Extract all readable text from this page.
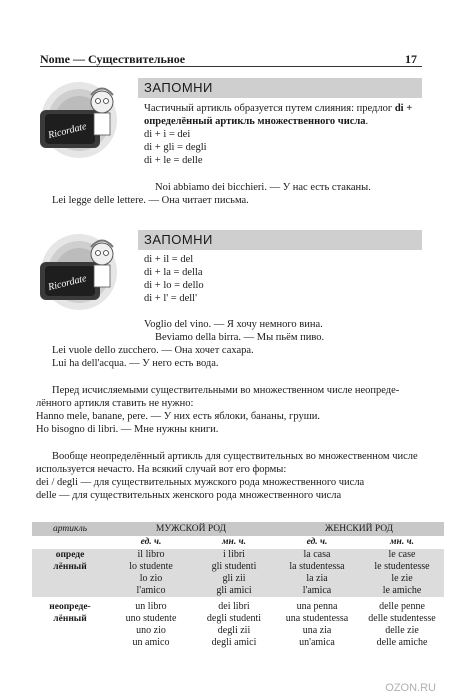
Nome — Существительное	17
ЗАПОМНИ
Ricordate
Частичный артикль образуется путем слияния: предлог di +
определённый артикль множественного числа.
di + i = dei
di + gli = degli
di + le = delle
Noi abbiamo dei bicchieri. — У нас есть стаканы.
Lei legge delle lettere. — Она читает письма.
ЗАПОМНИ
Ricordate
di + il = del
di + la = della
di + lo = dello
di + l' = dell'
Voglio del vino. — Я хочу немного вина.
Beviamo della birra. — Мы пьём пиво.
Lei vuole dello zucchero. — Она хочет сахара.
Lui ha dell'acqua. — У него есть вода.
Перед исчисляемыми существительными во множественном числе неопреде-
лённого артикля ставить не нужно:
Hanno mele, banane, pere. — У них есть яблоки, бананы, груши.
Ho bisogno di libri. — Мне нужны книги.
Вообще неопределённый артикль для существительных во множественном числе
используется нечасто. На всякий случай вот его формы:
dei / degli — для существительных мужского рода множественного числа
delle — для существительных женского рода множественного числа
артикль	МУЖСКОЙ РОД		ЖЕНСКИЙ РОД	
	ед. ч.	мн. ч.	ед. ч.	мн. ч.
опреде	il libro	i libri	la casa	le case
лённый	lo studente	gli studenti	la studentessa	le studentesse
	lo zio	gli zii	la zia	le zie
	l'amico	gli amici	l'amica	le amiche

неопреде-	un libro	dei libri	una penna	delle penne
лённый	uno studente	degli studenti	una studentessa	delle studentesse
	uno zio	degli zii	una zia	delle zie
	un amico	degli amici	un'amica	delle amiche
OZON.RU
